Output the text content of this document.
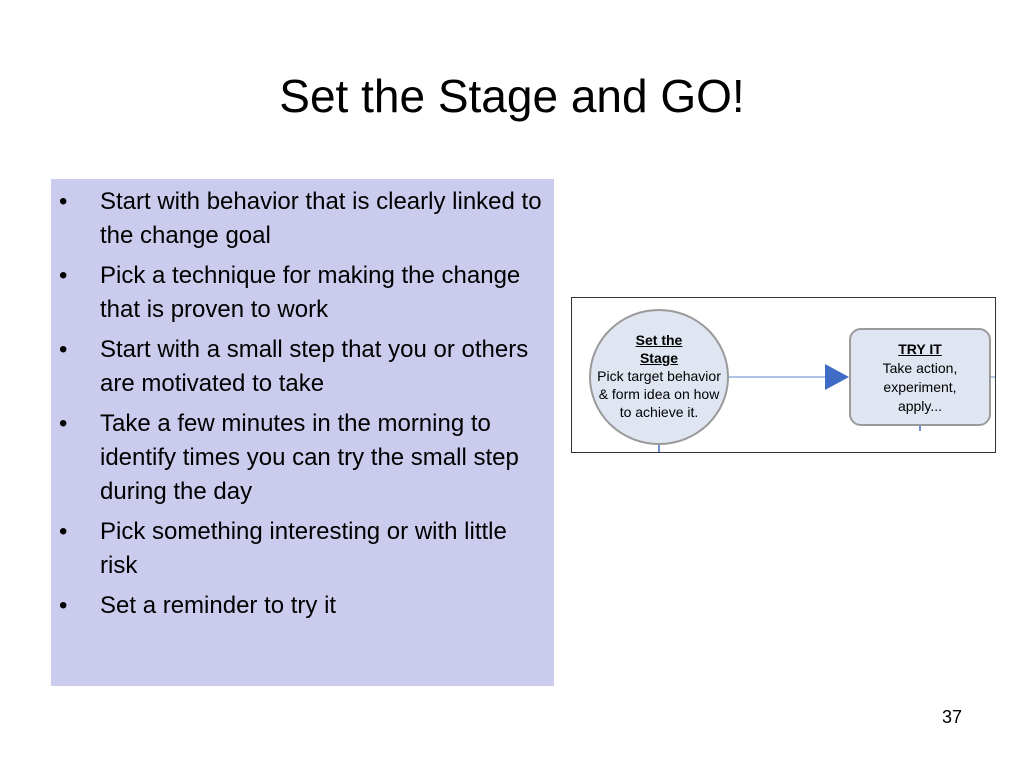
Set the Stage and GO!
• Start with behavior that is clearly linked to the change goal
• Pick a technique for making the change that is proven to work
• Start with a small step that you or others are motivated to take
• Take a few minutes in the morning to identify times you can try the small step during the day
• Pick something interesting or with little risk
• Set a reminder to try it
Set the Stage
Pick target behavior & form idea on how to achieve it.
TRY IT
Take action, experiment, apply...
37
